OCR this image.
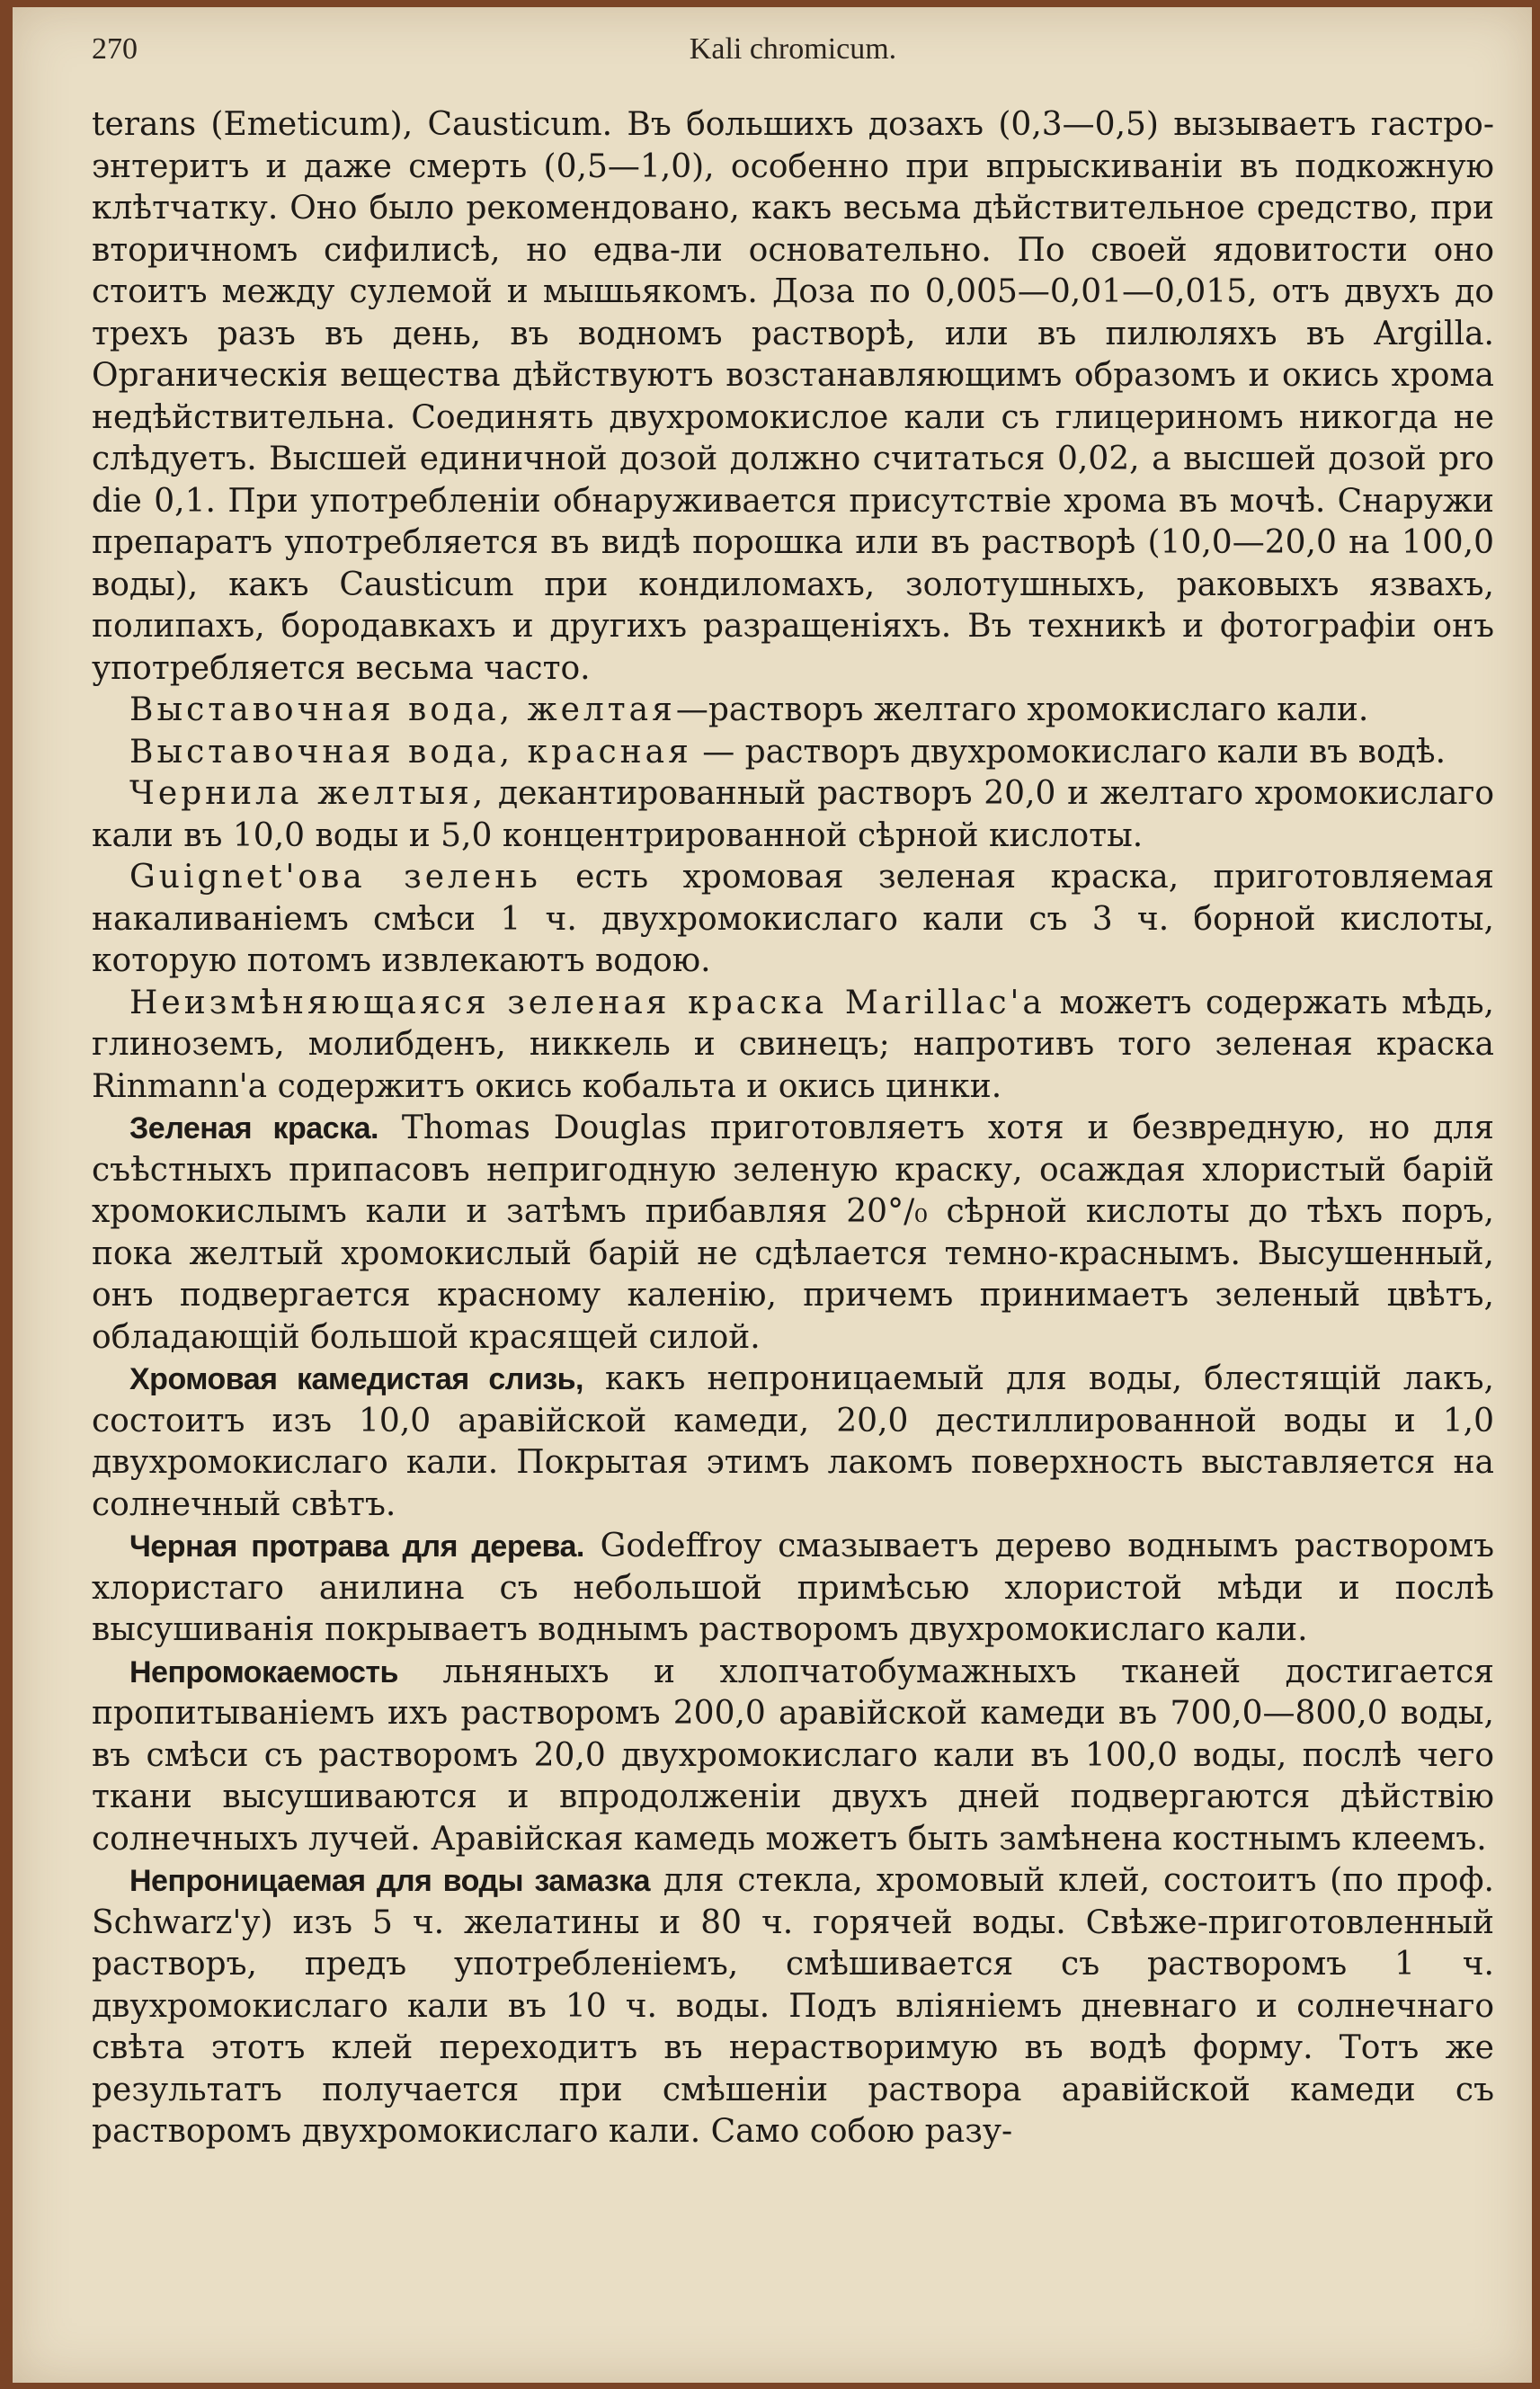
270	Kali chromicum.

terans (Emeticum), Causticum. Въ большихъ дозахъ (0,3—0,5) вызываетъ гастро-энтеритъ и даже смерть (0,5—1,0), особенно при впрыскиваніи въ подкожную клѣтчатку. Оно было рекомендовано, какъ весьма дѣйствительное средство, при вторичномъ сифилисѣ, но едва-ли основательно. По своей ядовитости оно стоитъ между сулемой и мышьякомъ. Доза по 0,005—0,01—0,015, отъ двухъ до трехъ разъ въ день, въ водномъ растворѣ, или въ пилюляхъ въ Argilla. Органическія вещества дѣйствуютъ возстанавляющимъ образомъ и окись хрома недѣйствительна. Соединять двухромокислое кали съ глицериномъ никогда не слѣдуетъ. Высшей единичной дозой должно считаться 0,02, а высшей дозой pro die 0,1. При употребленіи обнаруживается присутствіе хрома въ мочѣ. Снаружи препаратъ употребляется въ видѣ порошка или въ растворѣ (10,0—20,0 на 100,0 воды), какъ Causticum при кондиломахъ, золотушныхъ, раковыхъ язвахъ, полипахъ, бородавкахъ и другихъ разращеніяхъ. Въ техникѣ и фотографіи онъ употребляется весьма часто.

Выставочная вода, желтая—растворъ желтаго хромокислаго кали.

Выставочная вода, красная — растворъ двухромокислаго кали въ водѣ.

Чернила желтыя, декантированный растворъ 20,0 и желтаго хромокислаго кали въ 10,0 воды и 5,0 концентрированной сѣрной кислоты.

Guignet'ова зелень есть хромовая зеленая краска, приготовляемая накаливаніемъ смѣси 1 ч. двухромокислаго кали съ 3 ч. борной кислоты, которую потомъ извлекаютъ водою.

Неизмѣняющаяся зеленая краска Marillac'а можетъ содержать мѣдь, глиноземъ, молибденъ, никкель и свинецъ; напротивъ того зеленая краска Rinmann'а содержитъ окись кобальта и окись цинки.

Зеленая краска. Thomas Douglas приготовляетъ хотя и безвредную, но для съѣстныхъ припасовъ непригодную зеленую краску, осаждая хлористый барій хромокислымъ кали и затѣмъ прибавляя 20°/₀ сѣрной кислоты до тѣхъ поръ, пока желтый хромокислый барій не сдѣлается темно-краснымъ. Высушенный, онъ подвергается красному каленію, причемъ принимаетъ зеленый цвѣтъ, обладающій большой красящей силой.

Хромовая камедистая слизь, какъ непроницаемый для воды, блестящій лакъ, состоитъ изъ 10,0 аравійской камеди, 20,0 дестиллированной воды и 1,0 двухромокислаго кали. Покрытая этимъ лакомъ поверхность выставляется на солнечный свѣтъ.

Черная протрава для дерева. Godeffroy смазываетъ дерево воднымъ растворомъ хлористаго анилина съ небольшой примѣсью хлористой мѣди и послѣ высушиванія покрываетъ воднымъ растворомъ двухромокислаго кали.

Непромокаемость льняныхъ и хлопчатобумажныхъ тканей достигается пропитываніемъ ихъ растворомъ 200,0 аравійской камеди въ 700,0—800,0 воды, въ смѣси съ растворомъ 20,0 двухромокислаго кали въ 100,0 воды, послѣ чего ткани высушиваются и впродолженіи двухъ дней подвергаются дѣйствію солнечныхъ лучей. Аравійская камедь можетъ быть замѣнена костнымъ клеемъ.

Непроницаемая для воды замазка для стекла, хромовый клей, состоитъ (по проф. Schwarz'у) изъ 5 ч. желатины и 80 ч. горячей воды. Свѣже-приготовленный растворъ, предъ употребленіемъ, смѣшивается съ растворомъ 1 ч. двухромокислаго кали въ 10 ч. воды. Подъ вліяніемъ дневнаго и солнечнаго свѣта этотъ клей переходитъ въ нерастворимую въ водѣ форму. Тотъ же результатъ получается при смѣшеніи раствора аравійской камеди съ растворомъ двухромокислаго кали. Само собою разу-
